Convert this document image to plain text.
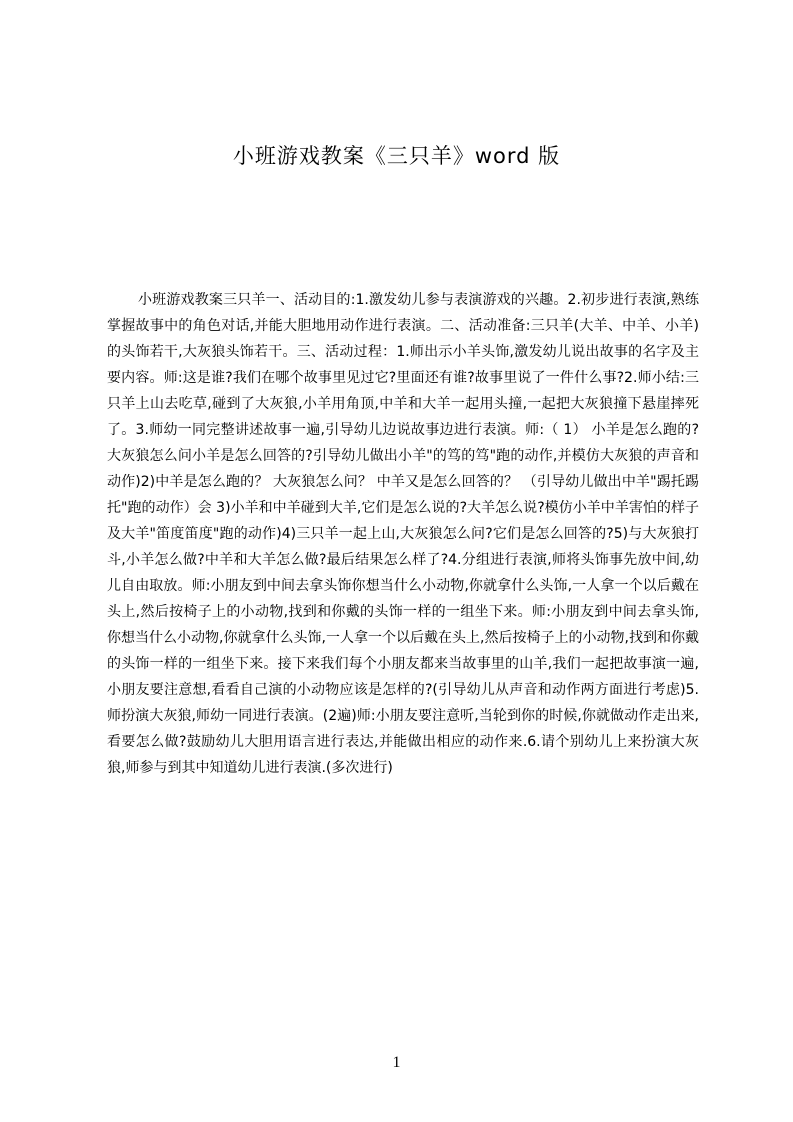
小班游戏教案《三只羊》word 版

小班游戏教案三只羊一、活动目的:1.激发幼儿参与表演游戏的兴趣。2.初步进行表演,熟练掌握故事中的角色对话,并能大胆地用动作进行表演。二、活动准备:三只羊(大羊、中羊、小羊)的头饰若干,大灰狼头饰若干。三、活动过程：1.师出示小羊头饰,激发幼儿说出故事的名字及主要内容。师:这是谁?我们在哪个故事里见过它?里面还有谁?故事里说了一件什么事?2.师小结:三只羊上山去吃草,碰到了大灰狼,小羊用角顶,中羊和大羊一起用头撞,一起把大灰狼撞下悬崖摔死了。3.师幼一同完整讲述故事一遍,引导幼儿边说故事边进行表演。师:（ 1） 小羊是怎么跑的?大灰狼怎么问小羊是怎么回答的?引导幼儿做出小羊"的笃的笃"跑的动作,并模仿大灰狼的声音和动作)2)中羊是怎么跑的？ 大灰狼怎么问？ 中羊又是怎么回答的？ （引导幼儿做出中羊"踢托踢托"跑的动作）会 3)小羊和中羊碰到大羊,它们是怎么说的?大羊怎么说?模仿小羊中羊害怕的样子及大羊"笛度笛度"跑的动作)4)三只羊一起上山,大灰狼怎么问?它们是怎么回答的?5)与大灰狼打斗,小羊怎么做?中羊和大羊怎么做?最后结果怎么样了?4.分组进行表演,师将头饰事先放中间,幼儿自由取放。师:小朋友到中间去拿头饰你想当什么小动物,你就拿什么头饰,一人拿一个以后戴在头上,然后按椅子上的小动物,找到和你戴的头饰一样的一组坐下来。师:小朋友到中间去拿头饰,你想当什么小动物,你就拿什么头饰,一人拿一个以后戴在头上,然后按椅子上的小动物,找到和你戴的头饰一样的一组坐下来。接下来我们每个小朋友都来当故事里的山羊,我们一起把故事演一遍,小朋友要注意想,看看自己演的小动物应该是怎样的?(引导幼儿从声音和动作两方面进行考虑)5.师扮演大灰狼,师幼一同进行表演。(2遍)师:小朋友要注意听,当轮到你的时候,你就做动作走出来,看要怎么做?鼓励幼儿大胆用语言进行表达,并能做出相应的动作来.6.请个别幼儿上来扮演大灰狼,师参与到其中知道幼儿进行表演.(多次进行)

1
